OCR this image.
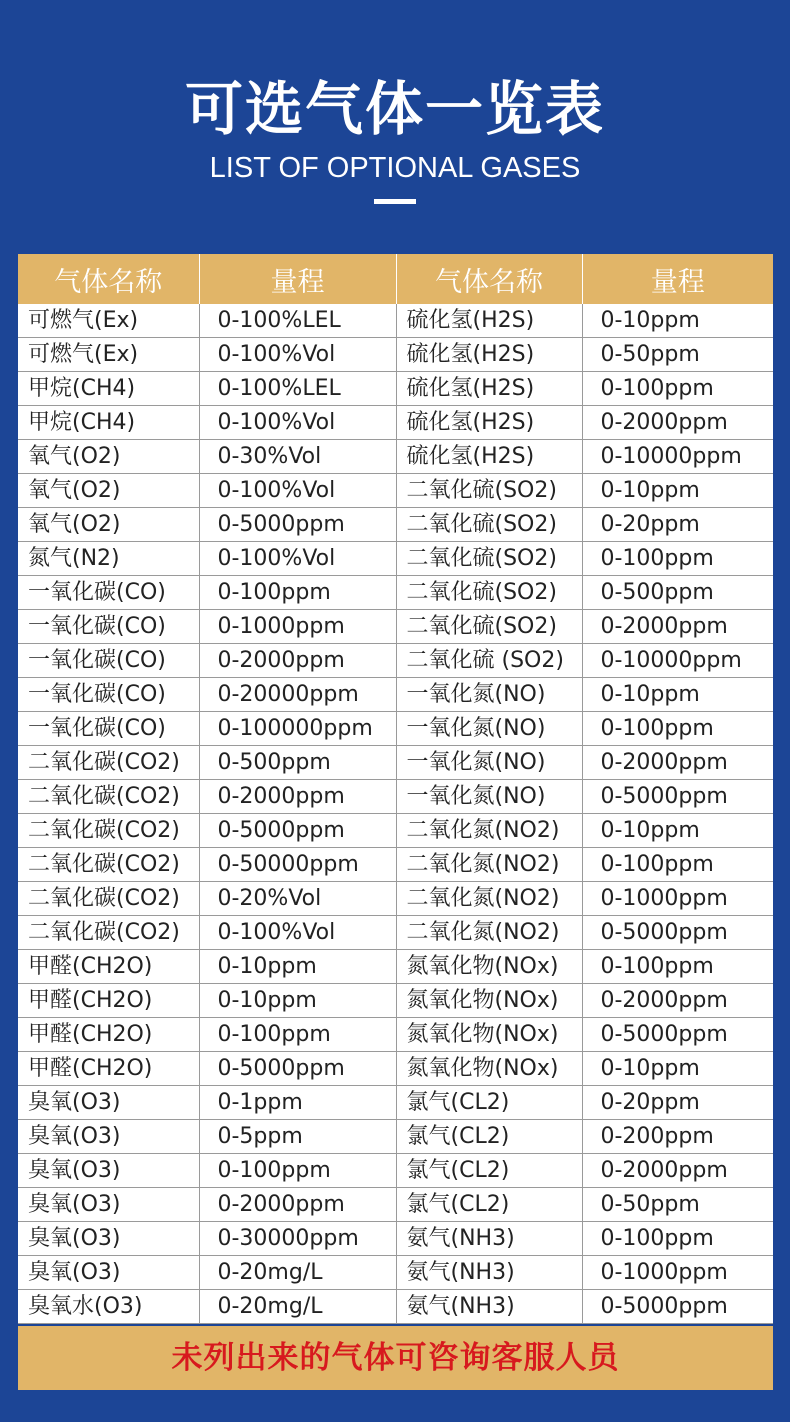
可选气体一览表
LIST OF OPTIONAL GASES
气体名称	量程	气体名称	量程
可燃气(Ex)	0-100%LEL	硫化氢(H2S)	0-10ppm
可燃气(Ex)	0-100%Vol	硫化氢(H2S)	0-50ppm
甲烷(CH4)	0-100%LEL	硫化氢(H2S)	0-100ppm
甲烷(CH4)	0-100%Vol	硫化氢(H2S)	0-2000ppm
氧气(O2)	0-30%Vol	硫化氢(H2S)	0-10000ppm
氧气(O2)	0-100%Vol	二氧化硫(SO2)	0-10ppm
氧气(O2)	0-5000ppm	二氧化硫(SO2)	0-20ppm
氮气(N2)	0-100%Vol	二氧化硫(SO2)	0-100ppm
一氧化碳(CO)	0-100ppm	二氧化硫(SO2)	0-500ppm
一氧化碳(CO)	0-1000ppm	二氧化硫(SO2)	0-2000ppm
一氧化碳(CO)	0-2000ppm	二氧化硫 (SO2)	0-10000ppm
一氧化碳(CO)	0-20000ppm	一氧化氮(NO)	0-10ppm
一氧化碳(CO)	0-100000ppm	一氧化氮(NO)	0-100ppm
二氧化碳(CO2)	0-500ppm	一氧化氮(NO)	0-2000ppm
二氧化碳(CO2)	0-2000ppm	一氧化氮(NO)	0-5000ppm
二氧化碳(CO2)	0-5000ppm	二氧化氮(NO2)	0-10ppm
二氧化碳(CO2)	0-50000ppm	二氧化氮(NO2)	0-100ppm
二氧化碳(CO2)	0-20%Vol	二氧化氮(NO2)	0-1000ppm
二氧化碳(CO2)	0-100%Vol	二氧化氮(NO2)	0-5000ppm
甲醛(CH2O)	0-10ppm	氮氧化物(NOx)	0-100ppm
甲醛(CH2O)	0-10ppm	氮氧化物(NOx)	0-2000ppm
甲醛(CH2O)	0-100ppm	氮氧化物(NOx)	0-5000ppm
甲醛(CH2O)	0-5000ppm	氮氧化物(NOx)	0-10ppm
臭氧(O3)	0-1ppm	氯气(CL2)	0-20ppm
臭氧(O3)	0-5ppm	氯气(CL2)	0-200ppm
臭氧(O3)	0-100ppm	氯气(CL2)	0-2000ppm
臭氧(O3)	0-2000ppm	氯气(CL2)	0-50ppm
臭氧(O3)	0-30000ppm	氨气(NH3)	0-100ppm
臭氧(O3)	0-20mg/L	氨气(NH3)	0-1000ppm
臭氧水(O3)	0-20mg/L	氨气(NH3)	0-5000ppm
未列出来的气体可咨询客服人员
